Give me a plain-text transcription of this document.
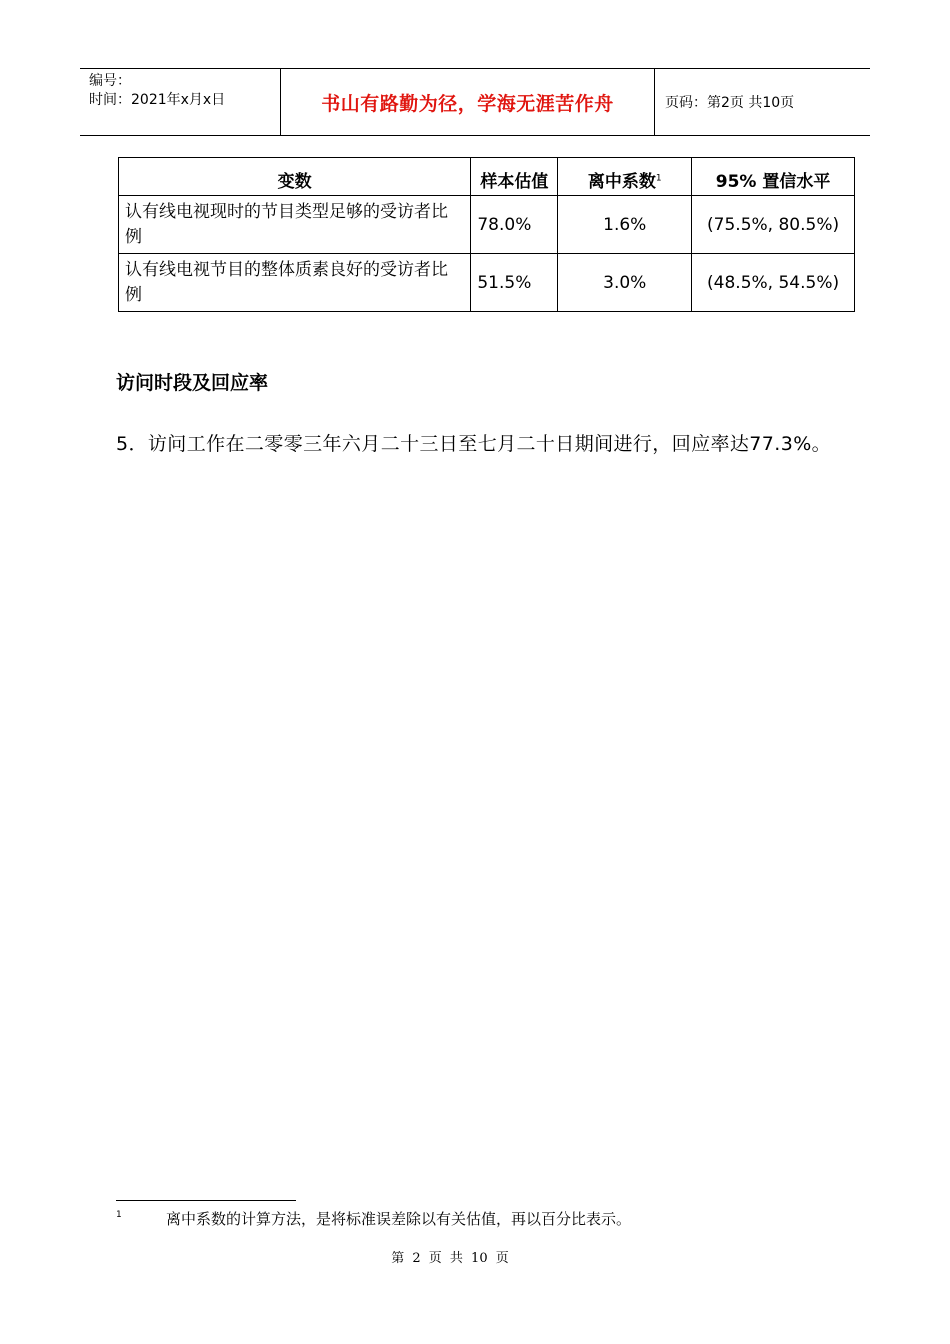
编号：
时间：2021年x月x日	书山有路勤为径，学海无涯苦作舟	页码：第2页 共10页
变数	样本估值	离中系数$^1$	95% 置信水平
认有线电视现时的节目类型足够的受访者比例	78.0%	1.6%	(75.5%, 80.5%)
认有线电视节目的整体质素良好的受访者比例	51.5%	3.0%	(48.5%, 54.5%)
访问时段及回应率
5．访问工作在二零零三年六月二十三日至七月二十日期间进行，回应率达77.3%。
1	离中系数的计算方法，是将标准误差除以有关估值，再以百分比表示。
第 2 页 共 10 页
